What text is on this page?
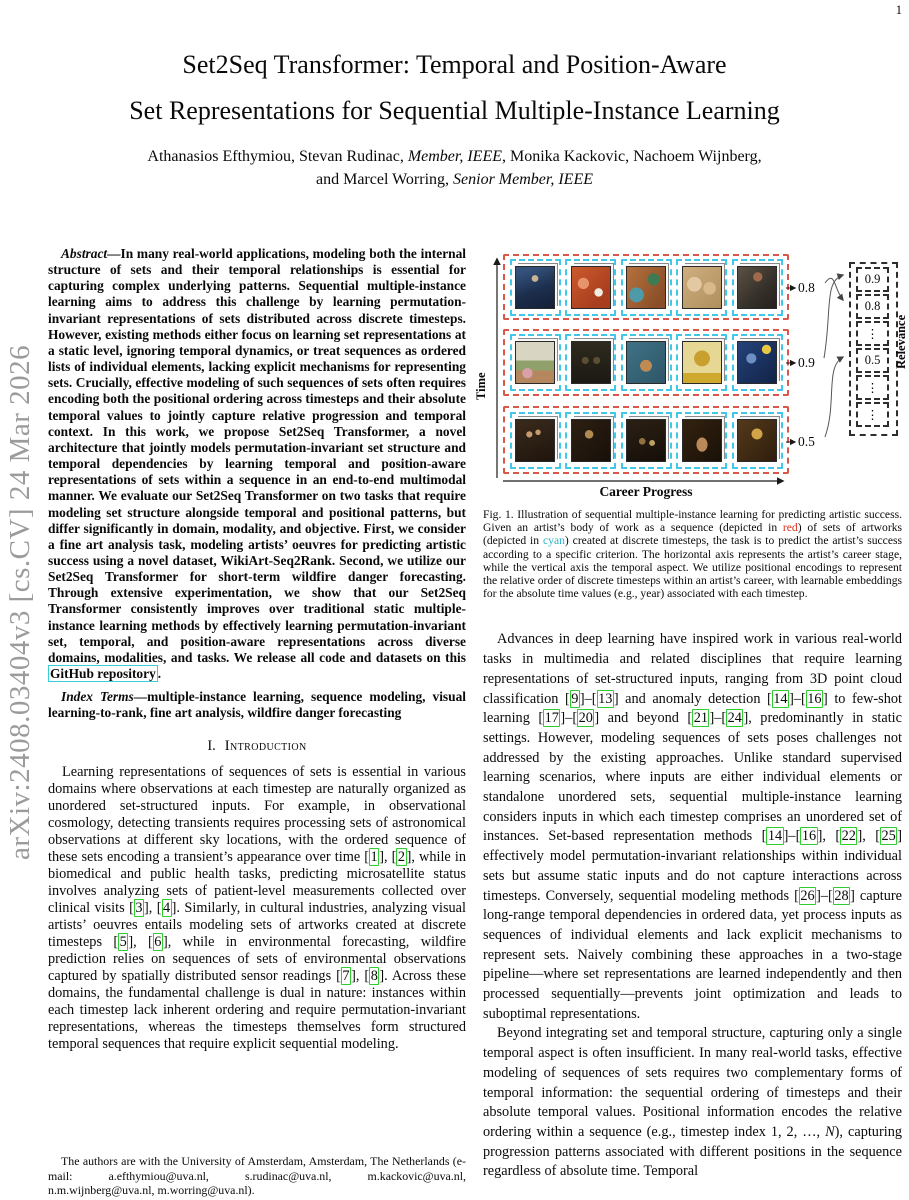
1
arXiv:2408.03404v3 [cs.CV] 24 Mar 2026
Set2Seq Transformer: Temporal and Position-Aware
Set Representations for Sequential Multiple-Instance Learning
Athanasios Efthymiou, Stevan Rudinac, Member, IEEE, Monika Kackovic, Nachoem Wijnberg,
and Marcel Worring, Senior Member, IEEE

Abstract—In many real-world applications, modeling both the internal structure of sets and their temporal relationships is essential for capturing complex underlying patterns. Sequential multiple-instance learning aims to address this challenge by learning permutation-invariant representations of sets distributed across discrete timesteps. However, existing methods either focus on learning set representations at a static level, ignoring temporal dynamics, or treat sequences as ordered lists of individual elements, lacking explicit mechanisms for representing sets. Crucially, effective modeling of such sequences of sets often requires encoding both the positional ordering across timesteps and their absolute temporal values to jointly capture relative progression and temporal context. In this work, we propose Set2Seq Transformer, a novel architecture that jointly models permutation-invariant set structure and temporal dependencies by learning temporal and position-aware representations of sets within a sequence in an end-to-end multimodal manner. We evaluate our Set2Seq Transformer on two tasks that require modeling set structure alongside temporal and positional patterns, but differ significantly in domain, modality, and objective. First, we consider a fine art analysis task, modeling artists’ oeuvres for predicting artistic success using a novel dataset, WikiArt-Seq2Rank. Second, we utilize our Set2Seq Transformer for short-term wildfire danger forecasting. Through extensive experimentation, we show that our Set2Seq Transformer consistently improves over traditional static multiple-instance learning methods by effectively learning permutation-invariant set, temporal, and position-aware representations across diverse domains, modalities, and tasks. We release all code and datasets on this GitHub repository .

Index Terms—multiple-instance learning, sequence modeling, visual learning-to-rank, fine art analysis, wildfire danger forecasting

I. Introduction

Learning representations of sequences of sets is essential in various domains where observations at each timestep are naturally organized as unordered set-structured inputs. For example, in observational cosmology, detecting transients requires processing sets of astronomical observations at different sky locations, with the ordered sequence of these sets encoding a transient’s appearance over time [ 1 ], [ 2 ], while in biomedical and public health tasks, predicting microsatellite status involves analyzing sets of patient-level measurements collected over clinical visits [ 3 ], [ 4 ]. Similarly, in cultural industries, analyzing visual artists’ oeuvres entails modeling sets of artworks created at discrete timesteps [ 5 ], [ 6 ], while in environmental forecasting, wildfire prediction relies on sequences of sets of environmental observations captured by spatially distributed sensor readings [ 7 ], [ 8 ]. Across these domains, the fundamental challenge is dual in nature: instances within each timestep lack inherent ordering and require permutation-invariant representations, whereas the timesteps themselves form structured temporal sequences that require explicit sequential modeling.

The authors are with the University of Amsterdam, Amsterdam, The Netherlands (e-mail: a.efthymiou@uva.nl, s.rudinac@uva.nl, m.kackovic@uva.nl, n.m.wijnberg@uva.nl, m.worring@uva.nl).
0.8
0.9
0.5
0.9
0.8
⋮
0.5
⋮
⋮
Time
Relevance
Career Progress

Fig. 1. Illustration of sequential multiple-instance learning for predicting artistic success. Given an artist’s body of work as a sequence (depicted in red) of sets of artworks (depicted in cyan) created at discrete timesteps, the task is to predict the artist’s success according to a specific criterion. The horizontal axis represents the artist’s career stage, while the vertical axis the temporal aspect. We utilize positional encodings to represent the relative order of discrete timesteps within an artist’s career, with learnable embeddings for the absolute time values (e.g., year) associated with each timestep.

Advances in deep learning have inspired work in various real-world tasks in multimedia and related disciplines that require learning representations of set-structured inputs, ranging from 3D point cloud classification [ 9 ]–[ 13 ] and anomaly detection [ 14 ]–[ 16 ] to few-shot learning [ 17 ]–[ 20 ] and beyond [ 21 ]–[ 24 ], predominantly in static settings. However, modeling sequences of sets poses challenges not addressed by the existing approaches. Unlike standard supervised learning scenarios, where inputs are either individual elements or standalone unordered sets, sequential multiple-instance learning considers inputs in which each timestep comprises an unordered set of instances. Set-based representation methods [ 14 ]–[ 16 ], [ 22 ], [ 25 ] effectively model permutation-invariant relationships within individual sets but assume static inputs and do not capture interactions across timesteps. Conversely, sequential modeling methods [ 26 ]–[ 28 ] capture long-range temporal dependencies in ordered data, yet process inputs as sequences of individual elements and lack explicit mechanisms to represent sets. Naively combining these approaches in a two-stage pipeline—where set representations are learned independently and then processed sequentially—prevents joint optimization and leads to suboptimal representations.

Beyond integrating set and temporal structure, capturing only a single temporal aspect is often insufficient. In many real-world tasks, effective modeling of sequences of sets requires two complementary forms of temporal information: the sequential ordering of timesteps and their absolute temporal values. Positional information encodes the relative ordering within a sequence (e.g., timestep index 1, 2, …, N), capturing progression patterns associated with different positions in the sequence regardless of absolute time. Temporal
